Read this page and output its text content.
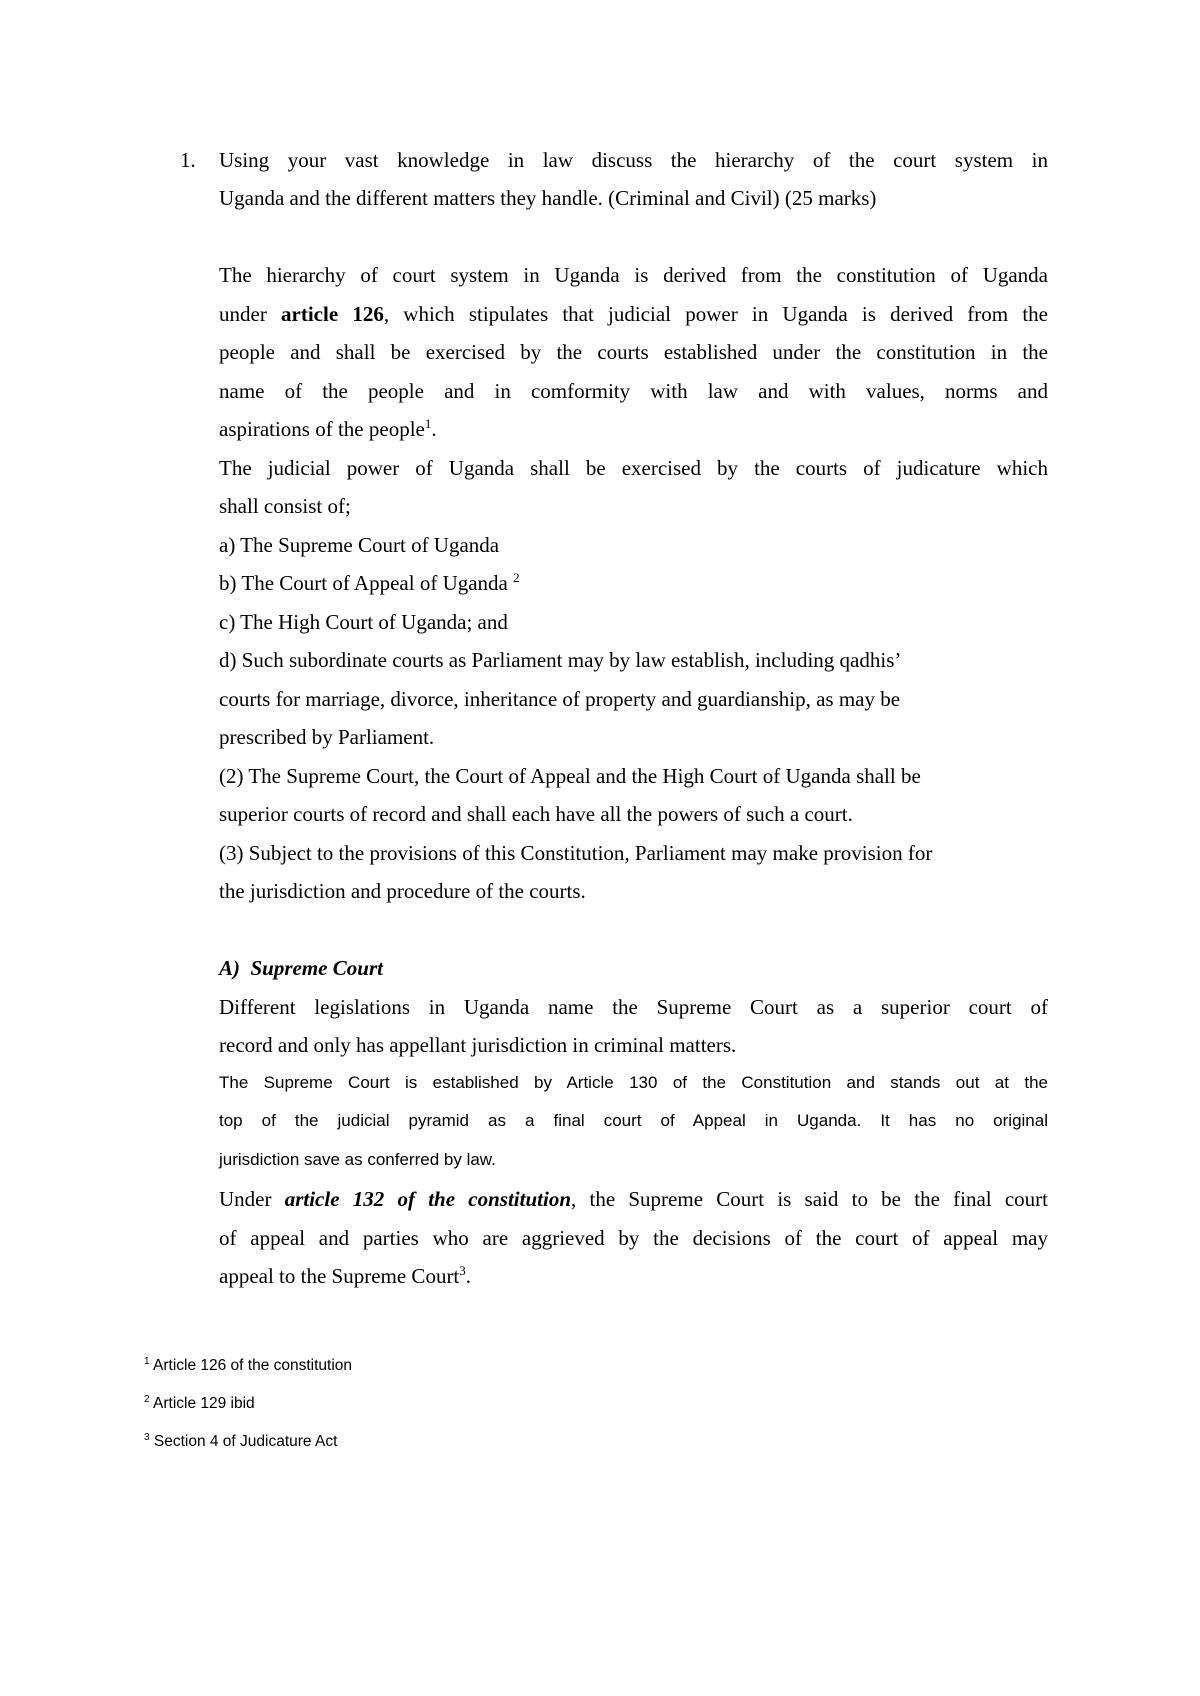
1. Using your vast knowledge in law discuss the hierarchy of the court system in
Uganda and the different matters they handle. (Criminal and Civil) (25 marks)
The hierarchy of court system in Uganda is derived from the constitution of Uganda
under article 126, which stipulates that judicial power in Uganda is derived from the
people and shall be exercised by the courts established under the constitution in the
name of the people and in comformity with law and with values, norms and
aspirations of the people$^1$.
The judicial power of Uganda shall be exercised by the courts of judicature which
shall consist of;
a) The Supreme Court of Uganda
b) The Court of Appeal of Uganda $^2$
c) The High Court of Uganda; and
d) Such subordinate courts as Parliament may by law establish, including qadhis’
courts for marriage, divorce, inheritance of property and guardianship, as may be
prescribed by Parliament.
(2) The Supreme Court, the Court of Appeal and the High Court of Uganda shall be
superior courts of record and shall each have all the powers of such a court.
(3) Subject to the provisions of this Constitution, Parliament may make provision for
the jurisdiction and procedure of the courts.
A) Supreme Court
Different legislations in Uganda name the Supreme Court as a superior court of
record and only has appellant jurisdiction in criminal matters.
The Supreme Court is established by Article 130 of the Constitution and stands out at the
top of the judicial pyramid as a final court of Appeal in Uganda. It has no original
jurisdiction save as conferred by law.
Under article 132 of the constitution, the Supreme Court is said to be the final court
of appeal and parties who are aggrieved by the decisions of the court of appeal may
appeal to the Supreme Court$^3$.
$^1$ Article 126 of the constitution
$^2$ Article 129 ibid
$^3$ Section 4 of Judicature Act
